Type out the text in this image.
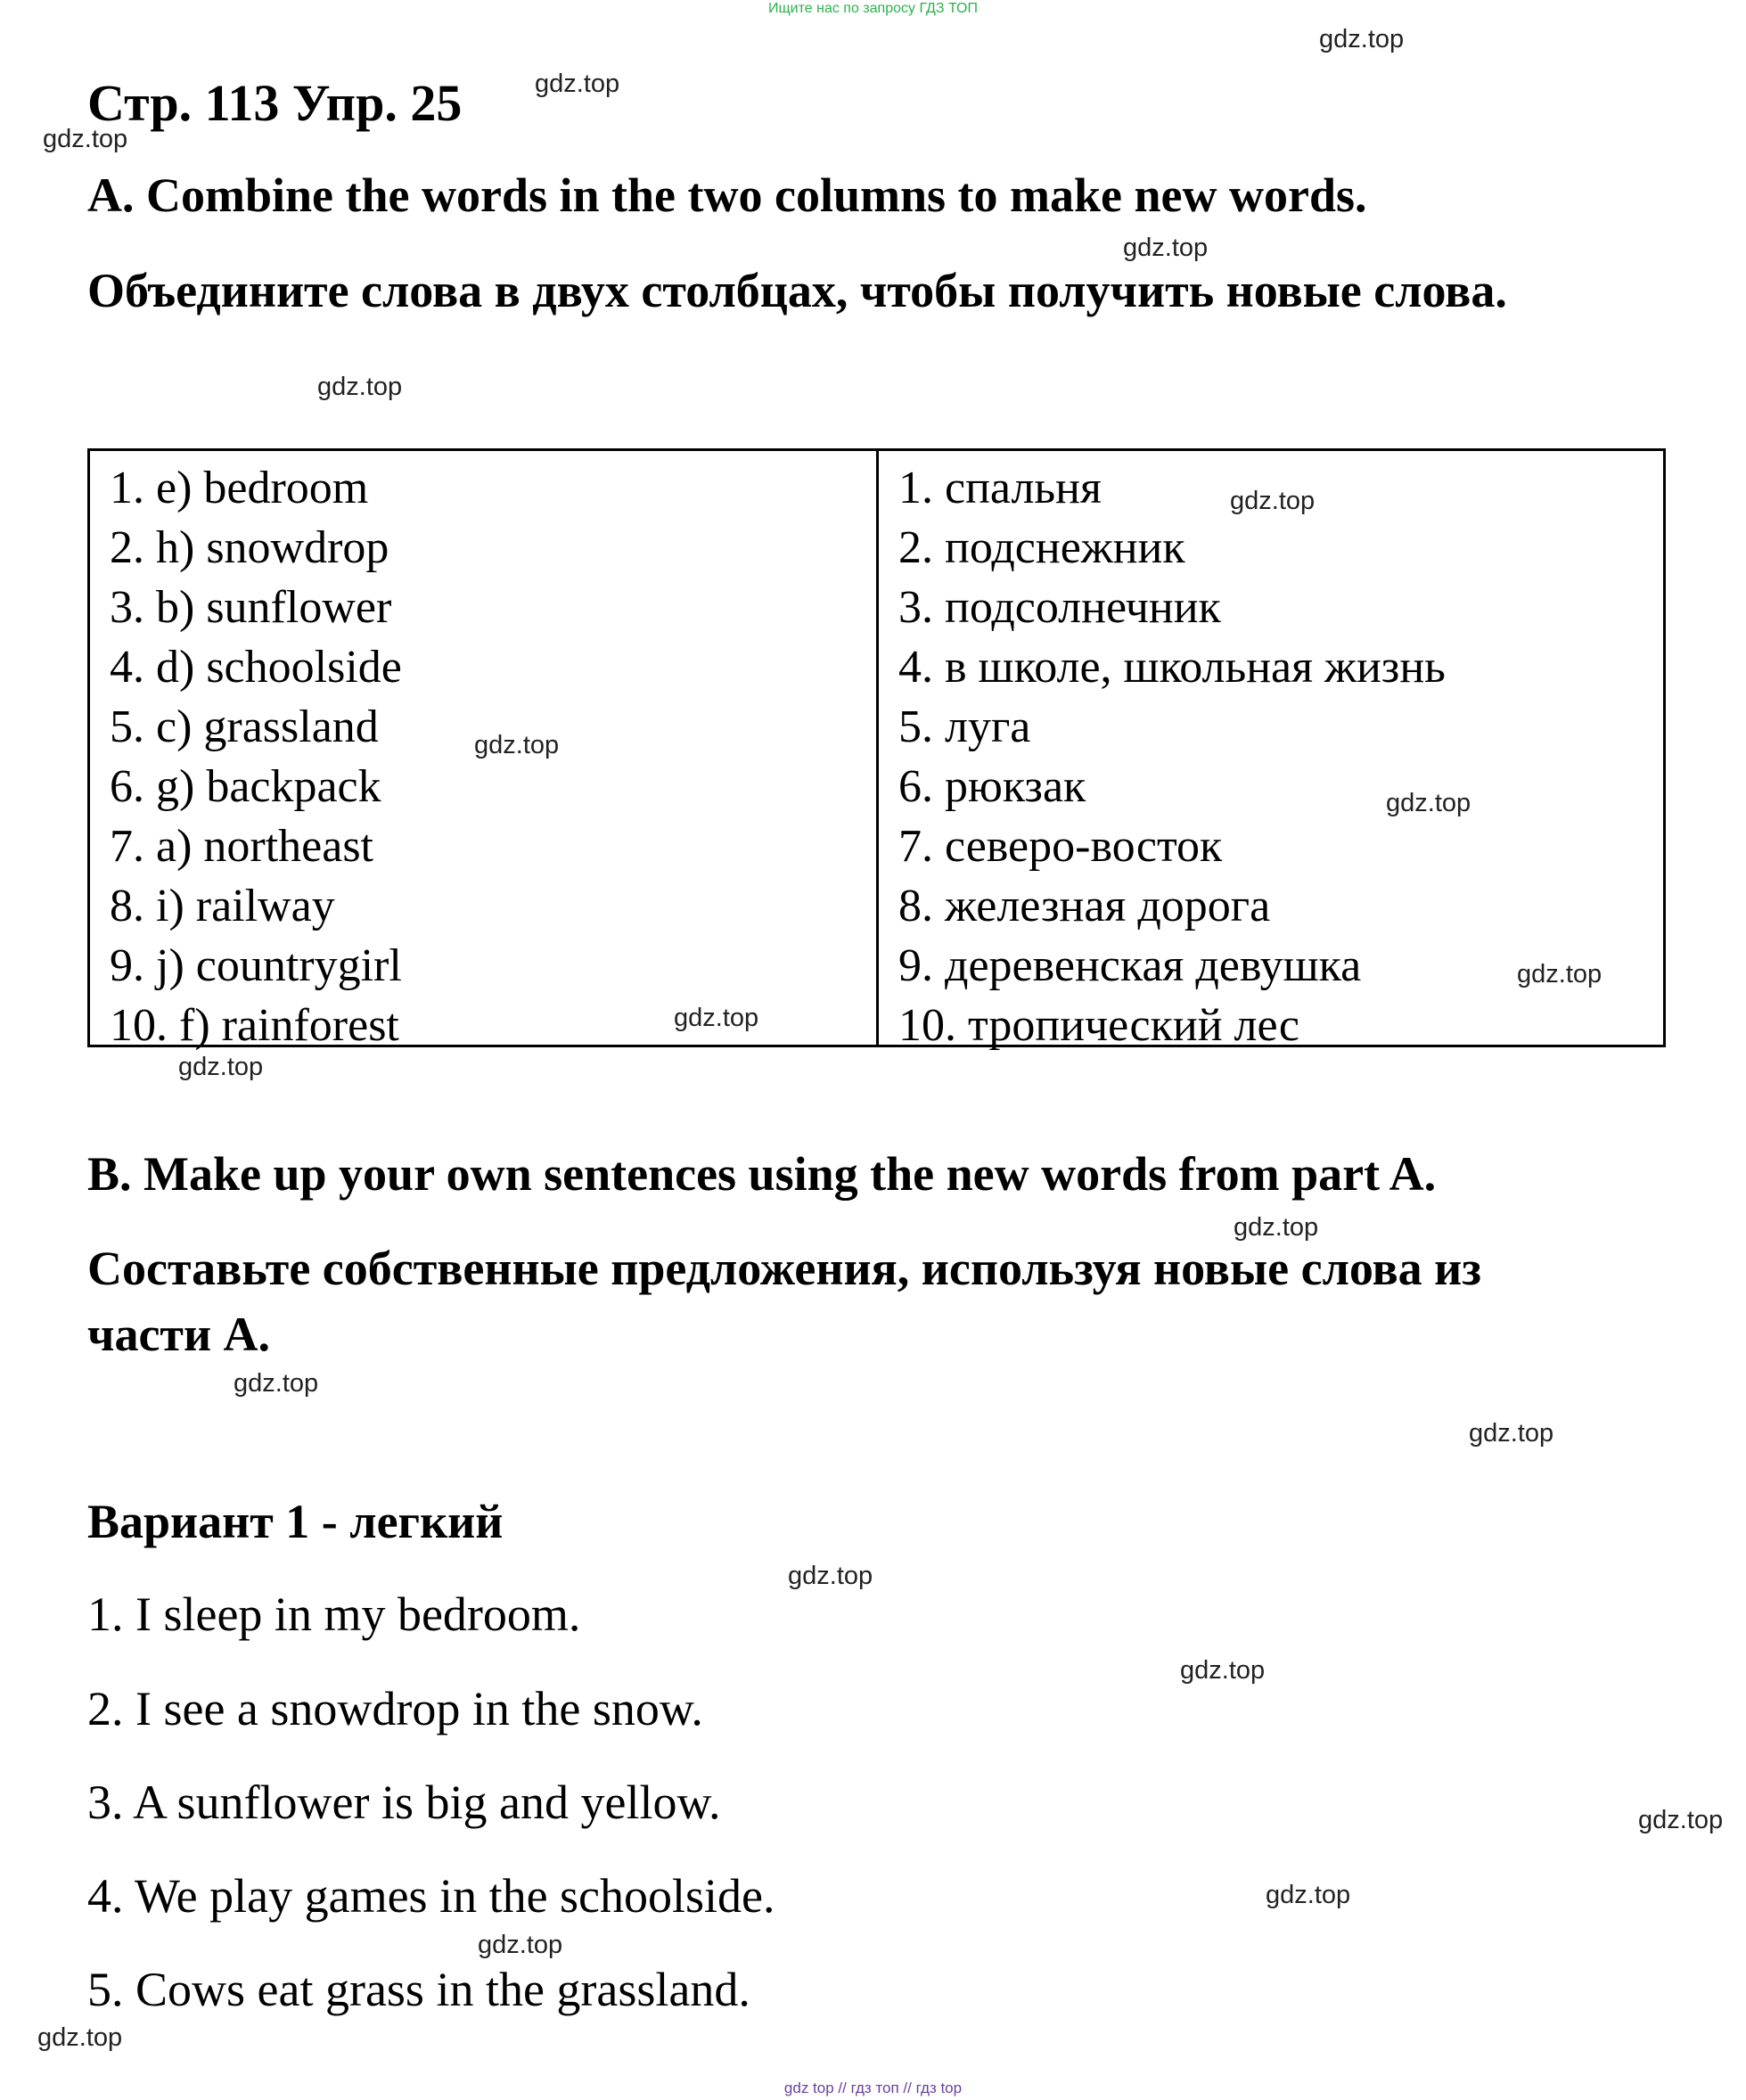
Ищите нас по запросу ГДЗ ТОП
Стр. 113 Упр. 25
A. Combine the words in the two columns to make new words.
Объедините слова в двух столбцах, чтобы получить новые слова.
1. e) bedroom
2. h) snowdrop
3. b) sunflower
4. d) schoolside
5. c) grassland
6. g) backpack
7. a) northeast
8. i) railway
9. j) countrygirl
10. f) rainforest
1. спальня
2. подснежник
3. подсолнечник
4. в школе, школьная жизнь
5. луга
6. рюкзак
7. северо-восток
8. железная дорога
9. деревенская девушка
10. тропический лес
B. Make up your own sentences using the new words from part A.
Составьте собственные предложения, используя новые слова из
части А.
Вариант 1 - легкий
1. I sleep in my bedroom.
2. I see a snowdrop in the snow.
3. A sunflower is big and yellow.
4. We play games in the schoolside.
5. Cows eat grass in the grassland.
gdz.top
gdz.top
gdz.top
gdz.top
gdz.top
gdz.top
gdz.top
gdz.top
gdz.top
gdz.top
gdz.top
gdz.top
gdz.top
gdz.top
gdz.top
gdz.top
gdz.top
gdz.top
gdz.top
gdz.top
gdz top // гдз топ // гдз top
